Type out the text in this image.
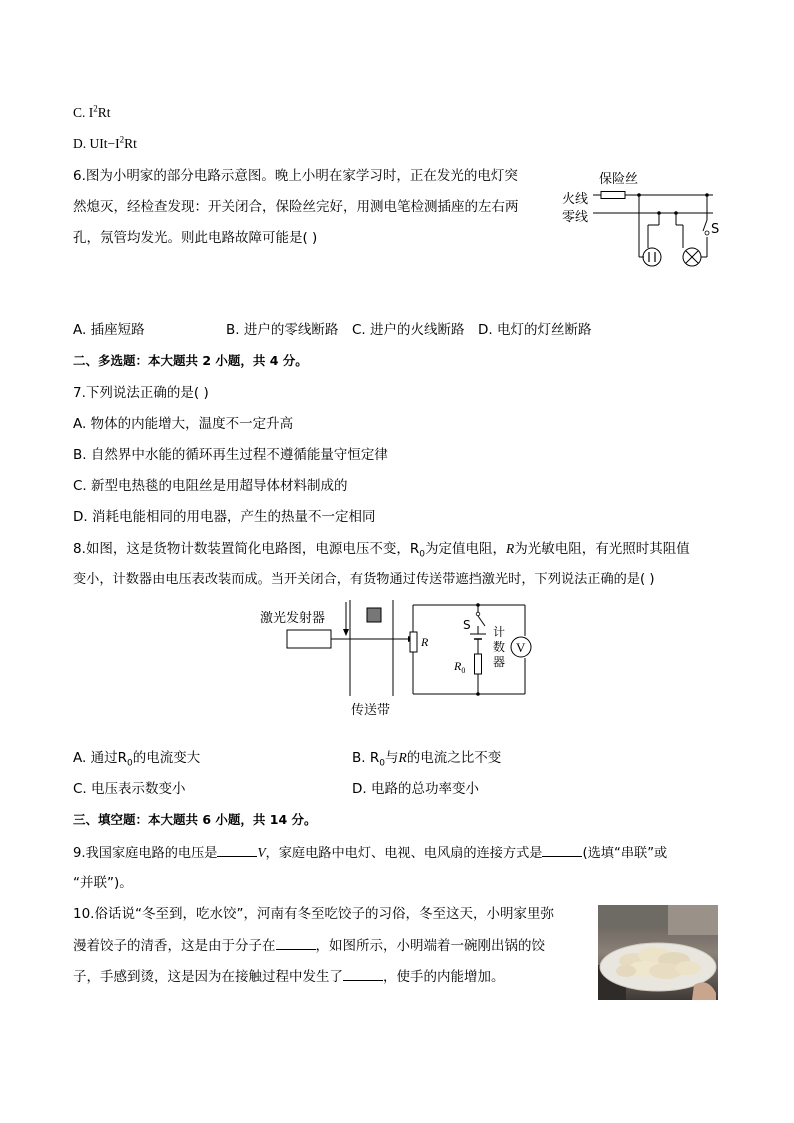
C. $I^2Rt$
D. $UIt-I^2Rt$
6.图为小明家的部分电路示意图。晚上小明在家学习时，正在发光的电灯突
然熄灭，经检查发现：开关闭合，保险丝完好，用测电笔检测插座的左右两
孔，氖管均发光。则此电路故障可能是( )
保险丝
火线
零线
S
A. 插座短路	B. 进户的零线断路 C. 进户的火线断路 D. 电灯的灯丝断路
二、多选题：本大题共 2 小题，共 4 分。
7.下列说法正确的是( )
A. 物体的内能增大，温度不一定升高
B. 自然界中水能的循环再生过程不遵循能量守恒定律
C. 新型电热毯的电阻丝是用超导体材料制成的
D. 消耗电能相同的用电器，产生的热量不一定相同
8.如图，这是货物计数装置简化电路图，电源电压不变，$R_0$为定值电阻，R为光敏电阻，有光照时其阻值
变小，计数器由电压表改装而成。当开关闭合，有货物通过传送带遮挡激光时，下列说法正确的是( )
激光发射器
传送带
R
S
$R_0$
计
数
器
V
A. 通过$R_0$的电流变大	B. $R_0$与R的电流之比不变
C. 电压表示数变小	D. 电路的总功率变小
三、填空题：本大题共 6 小题，共 14 分。
9.我国家庭电路的电压是	V，家庭电路中电灯、电视、电风扇的连接方式是	(选填“串联”或
“并联”)。
10.俗话说“冬至到，吃水饺”，河南有冬至吃饺子的习俗，冬至这天，小明家里弥
漫着饺子的清香，这是由于分子在	，如图所示，小明端着一碗刚出锅的饺
子，手感到烫，这是因为在接触过程中发生了	，使手的内能增加。
